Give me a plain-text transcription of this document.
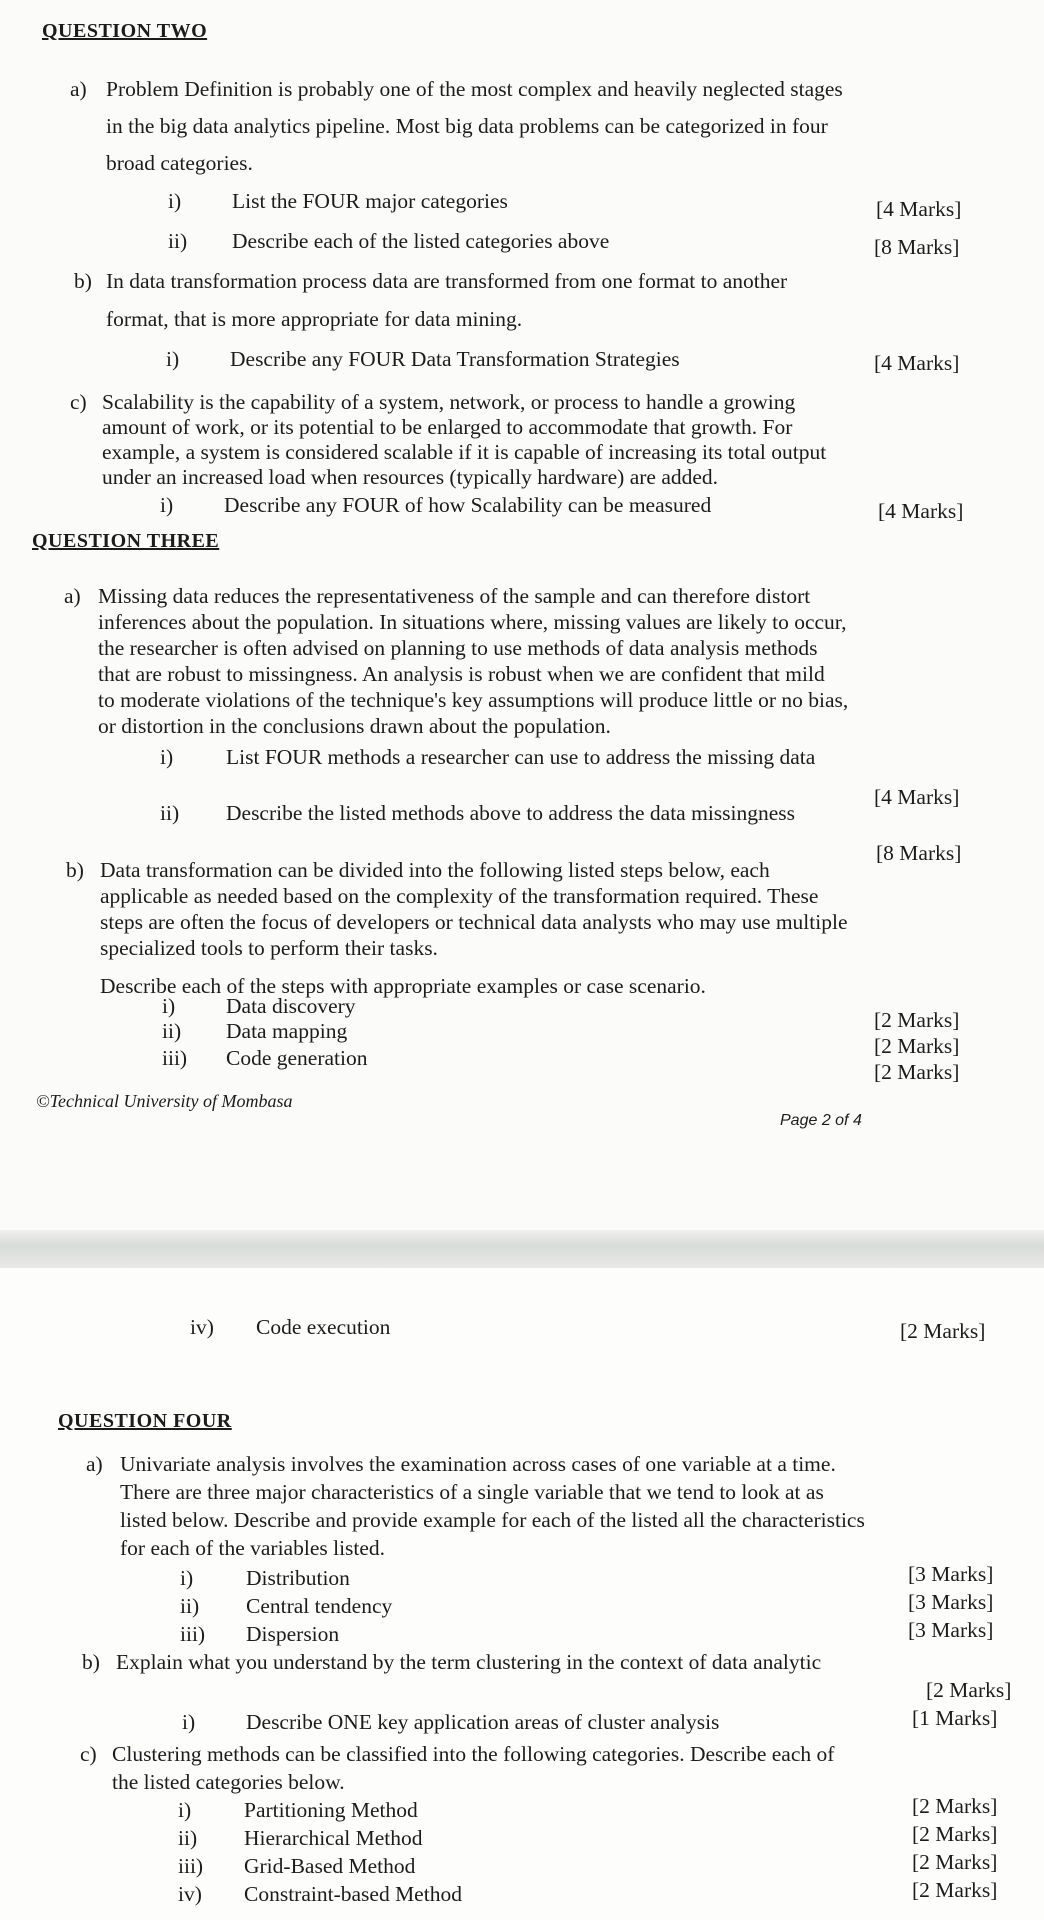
QUESTION TWO
a) Problem Definition is probably one of the most complex and heavily neglected stages
in the big data analytics pipeline. Most big data problems can be categorized in four
broad categories.
i) List the FOUR major categories	[4 Marks]
ii) Describe each of the listed categories above	[8 Marks]
b) In data transformation process data are transformed from one format to another
format, that is more appropriate for data mining.
i) Describe any FOUR Data Transformation Strategies	[4 Marks]
c) Scalability is the capability of a system, network, or process to handle a growing
amount of work, or its potential to be enlarged to accommodate that growth. For
example, a system is considered scalable if it is capable of increasing its total output
under an increased load when resources (typically hardware) are added.
i) Describe any FOUR of how Scalability can be measured	[4 Marks]
QUESTION THREE
a) Missing data reduces the representativeness of the sample and can therefore distort
inferences about the population. In situations where, missing values are likely to occur,
the researcher is often advised on planning to use methods of data analysis methods
that are robust to missingness. An analysis is robust when we are confident that mild
to moderate violations of the technique's key assumptions will produce little or no bias,
or distortion in the conclusions drawn about the population.
i) List FOUR methods a researcher can use to address the missing data
[4 Marks]
ii) Describe the listed methods above to address the data missingness
[8 Marks]
b) Data transformation can be divided into the following listed steps below, each
applicable as needed based on the complexity of the transformation required. These
steps are often the focus of developers or technical data analysts who may use multiple
specialized tools to perform their tasks.
Describe each of the steps with appropriate examples or case scenario.
i) Data discovery
[2 Marks]
ii) Data mapping
[2 Marks]
iii) Code generation
[2 Marks]
©Technical University of Mombasa
Page 2 of 4
iv) Code execution	[2 Marks]
QUESTION FOUR
a) Univariate analysis involves the examination across cases of one variable at a time.
There are three major characteristics of a single variable that we tend to look at as
listed below. Describe and provide example for each of the listed all the characteristics
for each of the variables listed.
i) Distribution	[3 Marks]
ii) Central tendency	[3 Marks]
iii) Dispersion	[3 Marks]
b) Explain what you understand by the term clustering in the context of data analytic
[2 Marks]
i) Describe ONE key application areas of cluster analysis	[1 Marks]
c) Clustering methods can be classified into the following categories. Describe each of
the listed categories below.
i) Partitioning Method	[2 Marks]
ii) Hierarchical Method	[2 Marks]
iii) Grid-Based Method	[2 Marks]
iv) Constraint-based Method	[2 Marks]
